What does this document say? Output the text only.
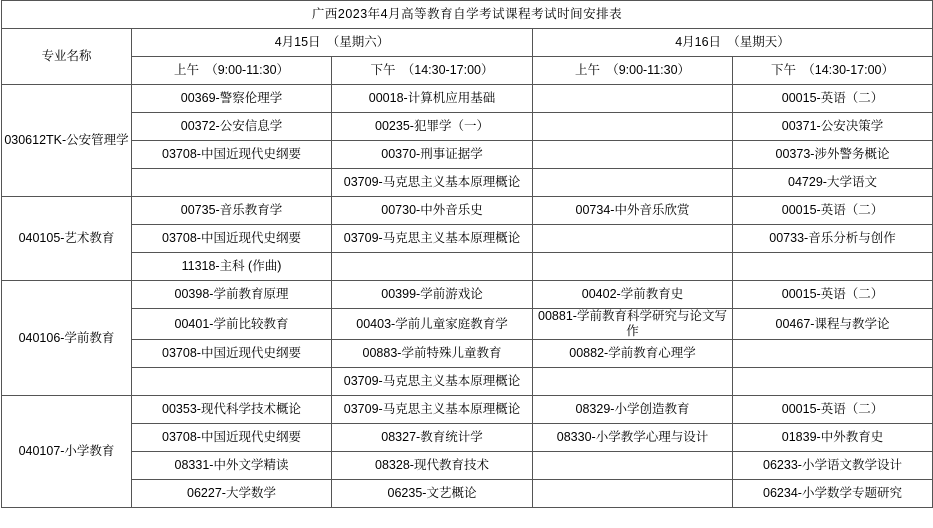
广西2023年4月高等教育自学考试课程考试时间安排表				
专业名称	4月15日　（星期六）		4月16日　（星期天）	
	上午　（9:00-11:30）	下午　（14:30-17:00）	上午　（9:00-11:30）	下午　（14:30-17:00）
030612TK-公安管理学	00369-警察伦理学	00018-计算机应用基础		00015-英语（二）
	00372-公安信息学	00235-犯罪学（一）		00371-公安决策学
	03708-中国近现代史纲要	00370-刑事证据学		00373-涉外警务概论
		03709-马克思主义基本原理概论		04729-大学语文
040105-艺术教育	00735-音乐教育学	00730-中外音乐史	00734-中外音乐欣赏	00015-英语（二）
	03708-中国近现代史纲要	03709-马克思主义基本原理概论		00733-音乐分析与创作
	11318-主科 (作曲)			
040106-学前教育	00398-学前教育原理	00399-学前游戏论	00402-学前教育史	00015-英语（二）
	00401-学前比较教育	00403-学前儿童家庭教育学	00881-学前教育科学研究与论文写作	00467-课程与教学论
	03708-中国近现代史纲要	00883-学前特殊儿童教育	00882-学前教育心理学	
		03709-马克思主义基本原理概论		
040107-小学教育	00353-现代科学技术概论	03709-马克思主义基本原理概论	08329-小学创造教育	00015-英语（二）
	03708-中国近现代史纲要	08327-教育统计学	08330-小学教学心理与设计	01839-中外教育史
	08331-中外文学精读	08328-现代教育技术		06233-小学语文教学设计
	06227-大学数学	06235-文艺概论		06234-小学数学专题研究
